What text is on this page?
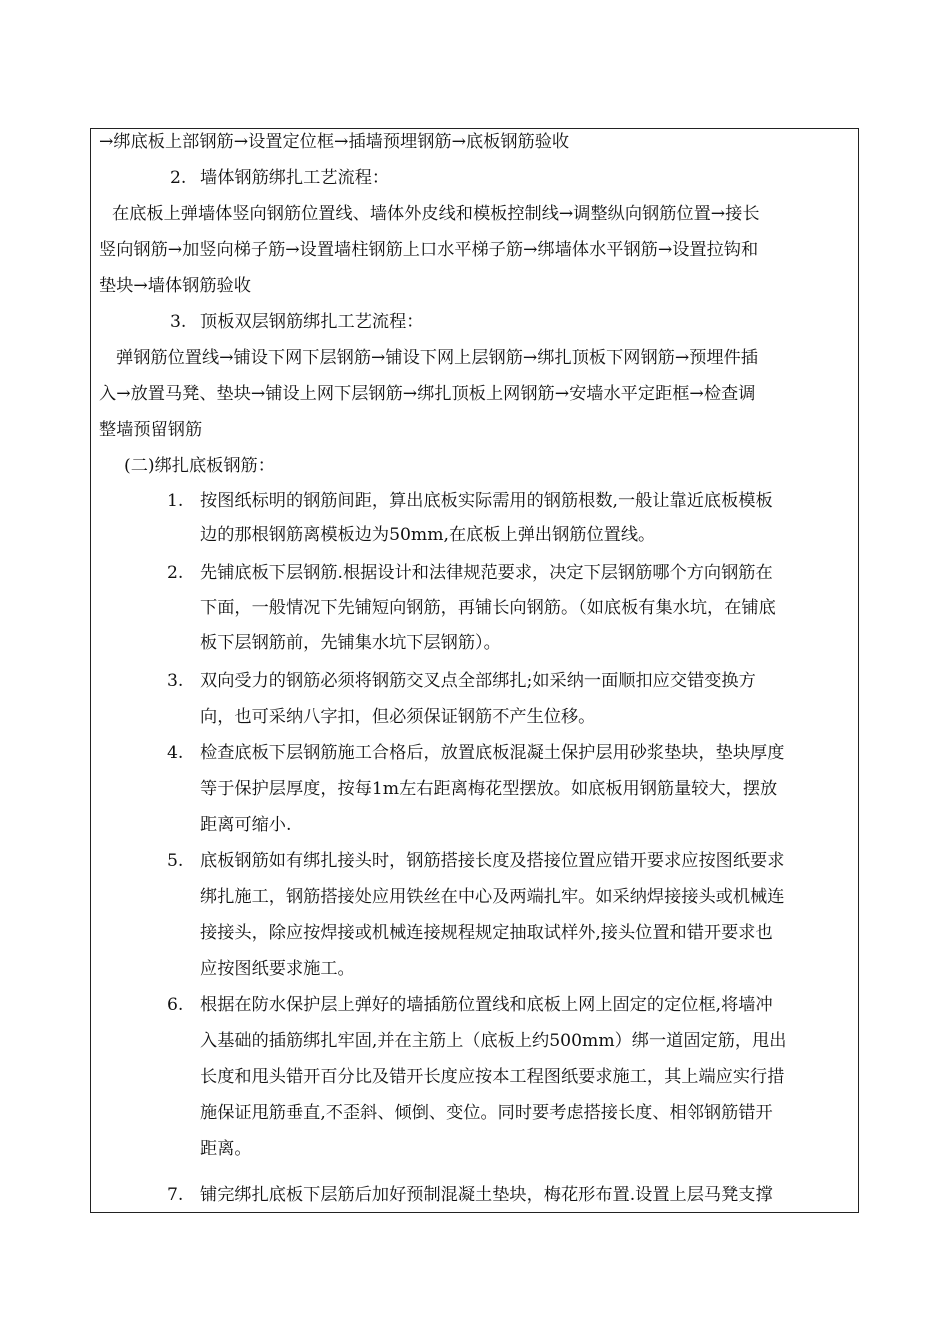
→绑底板上部钢筋→设置定位框→插墙预埋钢筋→底板钢筋验收
2. 墙体钢筋绑扎工艺流程：
在底板上弹墙体竖向钢筋位置线、墙体外皮线和模板控制线→调整纵向钢筋位置→接长
竖向钢筋→加竖向梯子筋→设置墙柱钢筋上口水平梯子筋→绑墙体水平钢筋→设置拉钩和
垫块→墙体钢筋验收
3. 顶板双层钢筋绑扎工艺流程：
弹钢筋位置线→铺设下网下层钢筋→铺设下网上层钢筋→绑扎顶板下网钢筋→预埋件插
入→放置马凳、垫块→铺设上网下层钢筋→绑扎顶板上网钢筋→安墙水平定距框→检查调
整墙预留钢筋
(二)绑扎底板钢筋：
1. 按图纸标明的钢筋间距，算出底板实际需用的钢筋根数,一般让靠近底板模板
边的那根钢筋离模板边为50mm,在底板上弹出钢筋位置线。
2. 先铺底板下层钢筋.根据设计和法律规范要求，决定下层钢筋哪个方向钢筋在
下面，一般情况下先铺短向钢筋，再铺长向钢筋。（如底板有集水坑，在铺底
板下层钢筋前，先铺集水坑下层钢筋）。
3. 双向受力的钢筋必须将钢筋交叉点全部绑扎;如采纳一面顺扣应交错变换方
向，也可采纳八字扣，但必须保证钢筋不产生位移。
4. 检查底板下层钢筋施工合格后，放置底板混凝土保护层用砂浆垫块，垫块厚度
等于保护层厚度，按每1m左右距离梅花型摆放。如底板用钢筋量较大，摆放
距离可缩小.
5. 底板钢筋如有绑扎接头时，钢筋搭接长度及搭接位置应错开要求应按图纸要求
绑扎施工，钢筋搭接处应用铁丝在中心及两端扎牢。如采纳焊接接头或机械连
接接头，除应按焊接或机械连接规程规定抽取试样外,接头位置和错开要求也
应按图纸要求施工。
6. 根据在防水保护层上弹好的墙插筋位置线和底板上网上固定的定位框,将墙冲
入基础的插筋绑扎牢固,并在主筋上（底板上约500mm）绑一道固定筋，甩出
长度和甩头错开百分比及错开长度应按本工程图纸要求施工，其上端应实行措
施保证甩筋垂直,不歪斜、倾倒、变位。同时要考虑搭接长度、相邻钢筋错开
距离。
7. 铺完绑扎底板下层筋后加好预制混凝土垫块，梅花形布置.设置上层马凳支撑
